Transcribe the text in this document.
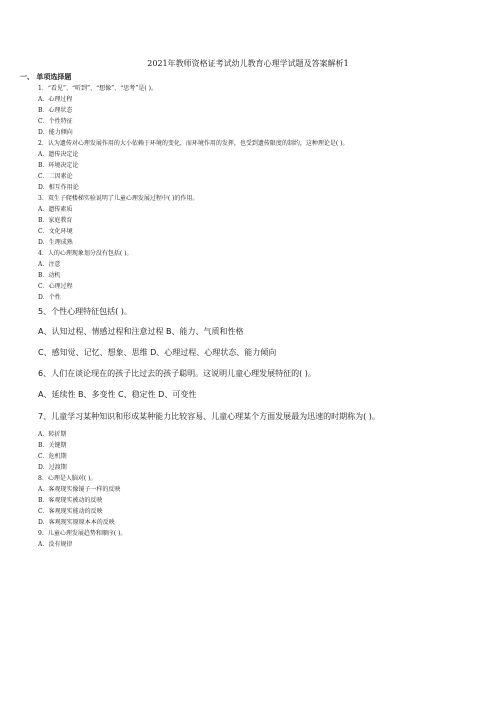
2021年教师资格证考试幼儿教育心理学试题及答案解析1
一、 单项选择题
1．“看见”、“听到”、“想像”、“思考”是( )。
A．心理过程
B．心理状态
C．个性特征
D．能力倾向
2．认为遗传对心理发展作用的大小依赖于环境的变化，而环境作用的发挥，也受到遗传限度的制约，这种理论是( )。
A．遗传决定论
B．环境决定论
C．二因素论
D．相互作用论
3．双生子爬楼梯实验说明了儿童心理发展过程中( )的作用。
A．遗传素质
B．家庭教育
C．文化环境
D．生理成熟
4．人的心理现象划分没有包括( )。
A．注意
B．动机
C．心理过程
D．个性
5、个性心理特征包括( )。
A、认知过程、情感过程和注意过程 B、能力、气质和性格
C、感知觉、记忆、想象、思维 D、心理过程、心理状态、能力倾向
6、人们在谈论现在的孩子比过去的孩子聪明。这说明儿童心理发展特征的( )。
A、延续性 B、多变性 C、稳定性 D、可变性
7、儿童学习某种知识和形成某种能力比较容易、儿童心理某个方面发展最为迅速的时期称为( )。
A．转折期
B．关键期
C．危机期
D．过渡期
8．心理是人脑对( )。
A．客观现实像镜子一样的反映
B．客观现实被动的反映
C．客观现实能动的反映
D．客观现实原原本本的反映
9．儿童心理发展趋势和顺序( )。
A．没有规律
